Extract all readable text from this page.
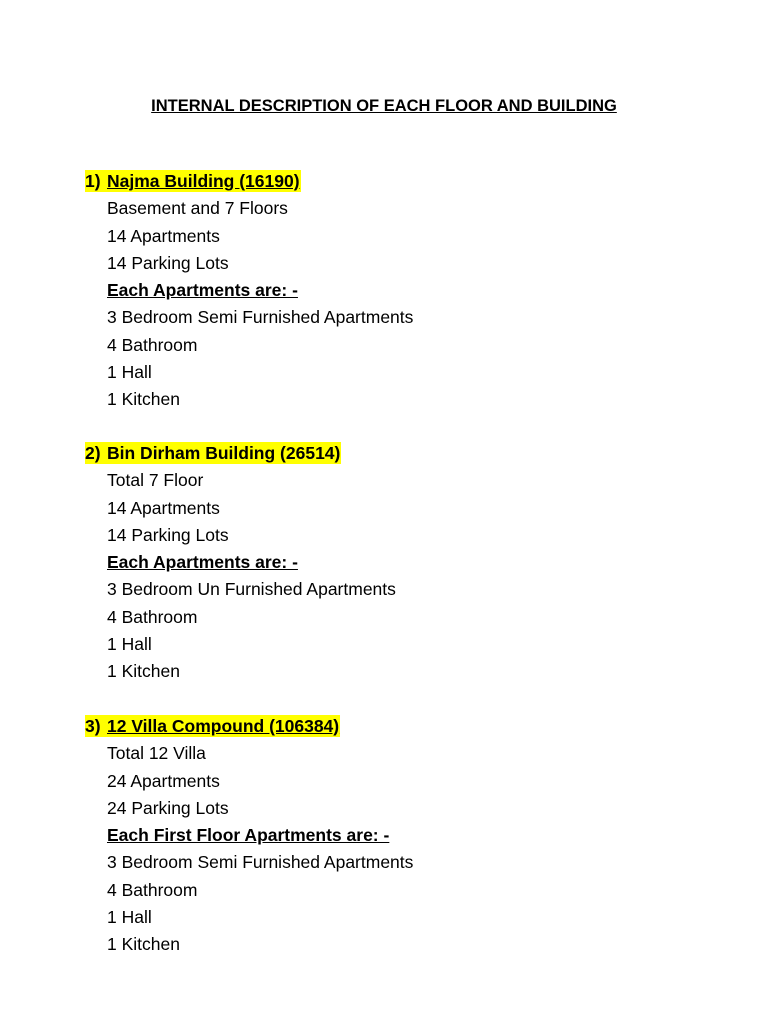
INTERNAL DESCRIPTION OF EACH FLOOR AND BUILDING
1) Najma Building (16190)
Basement and 7 Floors
14 Apartments
14 Parking Lots
Each Apartments are: -
3 Bedroom Semi Furnished Apartments
4 Bathroom
1 Hall
1 Kitchen
2) Bin Dirham Building (26514)
Total 7 Floor
14 Apartments
14 Parking Lots
Each Apartments are: -
3 Bedroom Un Furnished Apartments
4 Bathroom
1 Hall
1 Kitchen
3) 12 Villa Compound (106384)
Total 12 Villa
24 Apartments
24 Parking Lots
Each First Floor Apartments are: -
3 Bedroom Semi Furnished Apartments
4 Bathroom
1 Hall
1 Kitchen
